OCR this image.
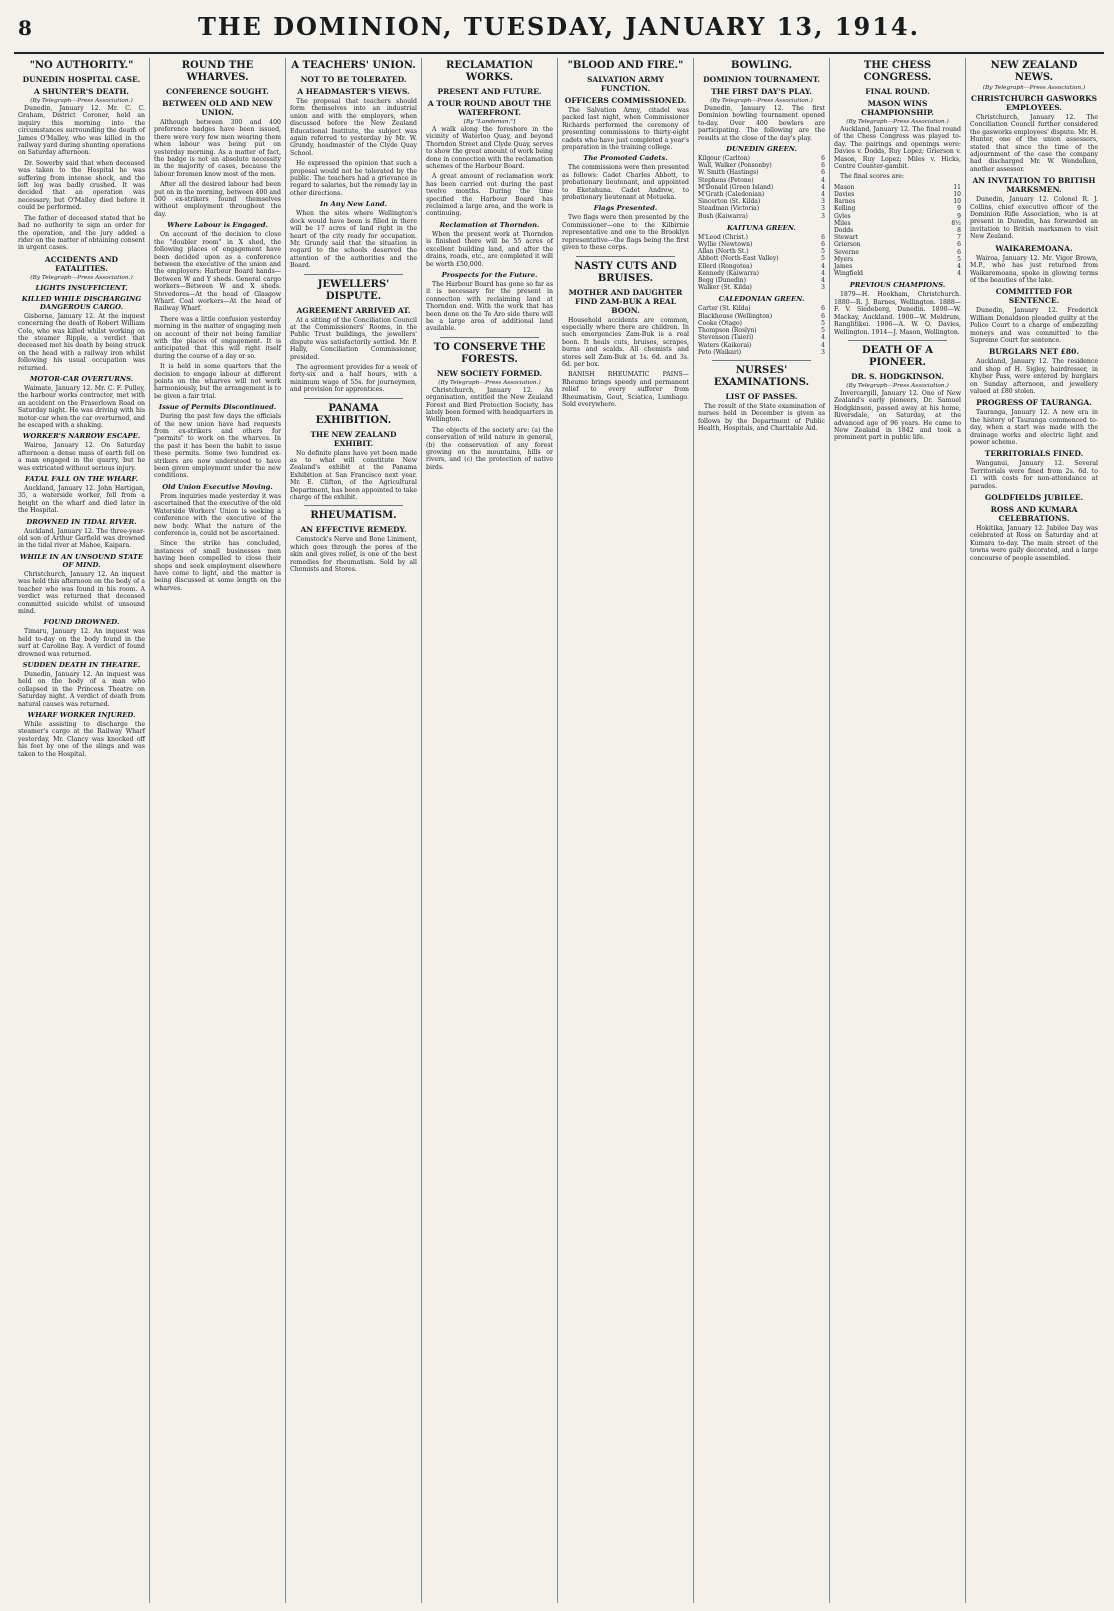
8	THE DOMINION, TUESDAY, JANUARY 13, 1914.
"NO AUTHORITY."
DUNEDIN HOSPITAL CASE.
A SHUNTER'S DEATH.
(By Telegraph—Press Association.)

Dunedin, January 12. Mr. C. C. Graham, District Coroner, held an inquiry this morning into the circumstances surrounding the death of James O'Malley, who was killed in the railway yard during shunting operations on Saturday afternoon.

Dr. Sowerby said that when deceased was taken to the Hospital he was suffering from intense shock, and the left leg was badly crushed. It was decided that an operation was necessary, but O'Malley died before it could be performed.

The father of deceased stated that he had no authority to sign an order for the operation, and the jury added a rider on the matter of obtaining consent in urgent cases.

ACCIDENTS AND FATALITIES.
(By Telegraph—Press Association.)
LIGHTS INSUFFICIENT.
KILLED WHILE DISCHARGING DANGEROUS CARGO.

Gisborne, January 12. At the inquest concerning the death of Robert William Cole, who was killed whilst working on the steamer Ripple, a verdict that deceased met his death by being struck on the head with a railway iron whilst following his usual occupation was returned.

MOTOR-CAR OVERTURNS.

Waimate, January 12. Mr. C. F. Pulley, the harbour works contractor, met with an accident on the Fraserlown Road on Saturday night. He was driving with his motor-car when the car overturned, and he escaped with a shaking.

WORKER'S NARROW ESCAPE.

Wairoa, January 12. On Saturday afternoon a dense mass of earth fell on a man engaged in the quarry, but he was extricated without serious injury.

FATAL FALL ON THE WHARF.

Auckland, January 12. John Hartigan, 35, a waterside worker, fell from a height on the wharf and died later in the Hospital.

DROWNED IN TIDAL RIVER.

Auckland, January 12. The three-year-old son of Arthur Garfield was drowned in the tidal river at Mahoe, Kaipara.

WHILE IN AN UNSOUND STATE OF MIND.

Christchurch, January 12. An inquest was held this afternoon on the body of a teacher who was found in his room. A verdict was returned that deceased committed suicide whilst of unsound mind.

FOUND DROWNED.

Timaru, January 12. An inquest was held to-day on the body found in the surf at Caroline Bay. A verdict of found drowned was returned.

SUDDEN DEATH IN THEATRE.

Dunedin, January 12. An inquest was held on the body of a man who collapsed in the Princess Theatre on Saturday night. A verdict of death from natural causes was returned.

WHARF WORKER INJURED.

While assisting to discharge the steamer's cargo at the Railway Wharf yesterday, Mr. Clancy was knocked off his feet by one of the slings and was taken to the Hospital.

ROUND THE WHARVES.
CONFERENCE SOUGHT.
BETWEEN OLD AND NEW UNION.

Although between 300 and 400 preference badges have been issued, there were very few men wearing them when labour was being put on yesterday morning. As a matter of fact, the badge is not an absolute necessity in the majority of cases, because the labour foremen know most of the men.

After all the desired labour had been put on in the morning, between 400 and 500 ex-strikers found themselves without employment throughout the day.

Where Labour is Engaged.

On account of the decision to close the "doubler room" in X shed, the following places of engagement have been decided upon as a conference between the executive of the union and the employers: Harbour Board hands—Between W and Y sheds. General cargo workers—Between W and X sheds. Stevedores—At the head of Glasgow Wharf. Coal workers—At the head of Railway Wharf.

There was a little confusion yesterday morning in the matter of engaging men on account of their not being familiar with the places of engagement. It is anticipated that this will right itself during the course of a day or so.

It is held in some quarters that the decision to engage labour at different points on the wharves will not work harmoniously, but the arrangement is to be given a fair trial.

Issue of Permits Discontinued.

During the past few days the officials of the new union have had requests from ex-strikers and others for "permits" to work on the wharves. In the past it has been the habit to issue these permits. Some two hundred ex-strikers are now understood to have been given employment under the new conditions.

Old Union Executive Moving.

From inquiries made yesterday it was ascertained that the executive of the old Waterside Workers' Union is seeking a conference with the executive of the new body. What the nature of the conference is, could not be ascertained.

Since the strike has concluded, instances of small businesses men having been compelled to close their shops and seek employment elsewhere have come to light, and the matter is being discussed at some length on the wharves.

A TEACHERS' UNION.
NOT TO BE TOLERATED.
A HEADMASTER'S VIEWS.

The proposal that teachers should form themselves into an industrial union and with the employers, when discussed before the New Zealand Educational Institute, the subject was again referred to yesterday by Mr. W. Grundy, headmaster of the Clyde Quay School.

He expressed the opinion that such a proposal would not be tolerated by the public. The teachers had a grievance in regard to salaries, but the remedy lay in other directions.

In Any New Land.

When the sites where Wellington's dock would have been is filled in there will be 17 acres of land right in the heart of the city ready for occupation. Mr. Grundy said that the situation in regard to the schools deserved the attention of the authorities and the Board.

JEWELLERS' DISPUTE.
AGREEMENT ARRIVED AT.

At a sitting of the Conciliation Council at the Commissioners' Rooms, in the Public Trust buildings, the jewellers' dispute was satisfactorily settled. Mr. P. Hally, Conciliation Commissioner, presided.

The agreement provides for a week of forty-six and a half hours, with a minimum wage of 55s. for journeymen, and provision for apprentices.

PANAMA EXHIBITION.
THE NEW ZEALAND EXHIBIT.

No definite plans have yet been made as to what will constitute New Zealand's exhibit at the Panama Exhibition at San Francisco next year. Mr. E. Clifton, of the Agricultural Department, has been appointed to take charge of the exhibit.

RHEUMATISM.
AN EFFECTIVE REMEDY.

Comstock's Nerve and Bone Liniment, which goes through the pores of the skin and gives relief, is one of the best remedies for rheumatism. Sold by all Chemists and Stores.

RECLAMATION WORKS.
PRESENT AND FUTURE.
A TOUR ROUND ABOUT THE WATERFRONT.
[By "Landsman."]

A walk along the foreshore in the vicinity of Waterloo Quay, and beyond Thorndon Street and Clyde Quay, serves to show the great amount of work being done in connection with the reclamation schemes of the Harbour Board.

A great amount of reclamation work has been carried out during the past twelve months. During the time specified the Harbour Board has reclaimed a large area, and the work is continuing.

Reclamation at Thorndon.

When the present work at Thorndon is finished there will be 55 acres of excellent building land, and after the drains, roads, etc., are completed it will be worth £50,000.

Prospects for the Future.

The Harbour Board has gone so far as it is necessary for the present in connection with reclaiming land at Thorndon end. With the work that has been done on the Te Aro side there will be a large area of additional land available.

TO CONSERVE THE FORESTS.
NEW SOCIETY FORMED.
(By Telegraph—Press Association.)

Christchurch, January 12. An organisation, entitled the New Zealand Forest and Bird Protection Society, has lately been formed with headquarters in Wellington.

The objects of the society are: (a) the conservation of wild nature in general, (b) the conservation of any forest growing on the mountains, hills or rivers, and (c) the protection of native birds.

"BLOOD AND FIRE."
SALVATION ARMY FUNCTION.
OFFICERS COMMISSIONED.

The Salvation Army, citadel was packed last night, when Commissioner Richards performed the ceremony of presenting commissions to thirty-eight cadets who have just completed a year's preparation in the training college.

The Promoted Cadets.

The commissions were then presented as follows: Cadet Charles Abbott, to probationary lieutenant, and appointed to Eketahuna. Cadet Andrew, to probationary lieutenant at Motueka.

Flags Presented.

Two flags were then presented by the Commissioner—one to the Kilbirnie representative and one to the Brooklyn representative—the flags being the first given to these corps.

NASTY CUTS AND BRUISES.
MOTHER AND DAUGHTER FIND ZAM-BUK A REAL BOON.

Household accidents are common, especially where there are children. In such emergencies Zam-Buk is a real boon. It heals cuts, bruises, scrapes, burns and scalds. All chemists and stores sell Zam-Buk at 1s. 6d. and 3s. 6d. per box.

BANISH RHEUMATIC PAINS—Rheumo brings speedy and permanent relief to every sufferer from Rheumatism, Gout, Sciatica, Lumbago. Sold everywhere.

BOWLING.
DOMINION TOURNAMENT.
THE FIRST DAY'S PLAY.
(By Telegraph—Press Association.)

Dunedin, January 12. The first Dominion bowling tournament opened to-day. Over 400 bowlers are participating. The following are the results at the close of the day's play.

DUNEDIN GREEN.
Kilgour (Carlton)	6
Wall, Walker (Ponsonby)	6
W. Smith (Hastings)	6
Stephens (Petone)	4
M'Donald (Green Island)	4
M'Grath (Caledonian)	4
Sincerton (St. Kilda)	3
Steadman (Victoria)	3
Bush (Kaiwarra)	3
KAITUNA GREEN.
M'Leod (Christ.)	6
Wyllie (Newtown)	6
Allan (North St.)	5
Abbott (North-East Valley)	5
Ellerd (Rongotea)	4
Kennedy (Kaiwarra)	4
Begg (Dunedin)	4
Walker (St. Kilda)	3
CALEDONIAN GREEN.
Carter (St. Kilda)	6
Blackhouse (Wellington)	6
Cooke (Otago)	5
Thompson (Roslyn)	5
Stevenson (Taieri)	4
Waters (Kaikorai)	4
Peto (Waikari)	3
NURSES' EXAMINATIONS.
LIST OF PASSES.

The result of the State examination of nurses held in December is given as follows by the Department of Public Health, Hospitals, and Charitable Aid.

THE CHESS CONGRESS.
FINAL ROUND.
MASON WINS CHAMPIONSHIP.
(By Telegraph—Press Association.)

Auckland, January 12. The final round of the Chess Congress was played to-day. The pairings and openings were: Davies v. Dodds, Ruy Lopez; Grierson v. Mason, Ruy Lopez; Miles v. Hicks, Centre Counter-gambit.

The final scores are:

Mason	11
Davies	10
Barnes	10
Kelling	9
Gyles	9
Miles	8½
Dodds	8
Stewart	7
Grierson	6
Severne	6
Myers	5
James	4
Wingfield	4
PREVIOUS CHAMPIONS.

1879—H. Hookham, Christchurch. 1880—R. J. Barnes, Wellington. 1888—F. V. Siedeberg, Dunedin. 1890—W. Mackay, Auckland. 1900—W. Meldrum, Ranglitikei. 1906—A. W. O. Davies, Wellington. 1914—J. Mason, Wellington.

DEATH OF A PIONEER.
DR. S. HODGKINSON.
(By Telegraph—Press Association.)

Invercargill, January 12. One of New Zealand's early pioneers, Dr. Samuel Hodgkinson, passed away at his home, Riversdale, on Saturday, at the advanced age of 96 years. He came to New Zealand in 1842 and took a prominent part in public life.

NEW ZEALAND NEWS.
(By Telegraph—Press Association.)
CHRISTCHURCH GASWORKS EMPLOYEES.

Christchurch, January 12. The Conciliation Council further considered the gasworks employees' dispute. Mr. H. Hunter, one of the union assessors, stated that since the time of the adjournment of the case the company had discharged Mr. W. Wendelken, another assessor.

AN INVITATION TO BRITISH MARKSMEN.

Dunedin, January 12. Colonel R. J. Collins, chief executive officer of the Dominion Rifle Association, who is at present in Dunedin, has forwarded an invitation to British marksmen to visit New Zealand.

WAIKAREMOANA.

Wairoa, January 12. Mr. Vigor Brown, M.P., who has just returned from Waikaremoana, spoke in glowing terms of the beauties of the lake.

COMMITTED FOR SENTENCE.

Dunedin, January 12. Frederick William Donaldson pleaded guilty at the Police Court to a charge of embezzling moneys and was committed to the Supreme Court for sentence.

BURGLARS NET £80.

Auckland, January 12. The residence and shop of H. Sigley, hairdresser, in Khyber Pass, were entered by burglars on Sunday afternoon, and jewellery valued at £80 stolen.

PROGRESS OF TAURANGA.

Tauranga, January 12. A new era in the history of Tauranga commenced to-day, when a start was made with the drainage works and electric light and power scheme.

TERRITORIALS FINED.

Wanganui, January 12. Several Territorials were fined from 2s. 6d. to £1 with costs for non-attendance at parades.

GOLDFIELDS JUBILEE.
ROSS AND KUMARA CELEBRATIONS.

Hokitika, January 12. Jubilee Day was celebrated at Ross on Saturday and at Kumara to-day. The main street of the towns were gaily decorated, and a large concourse of people assembled.
